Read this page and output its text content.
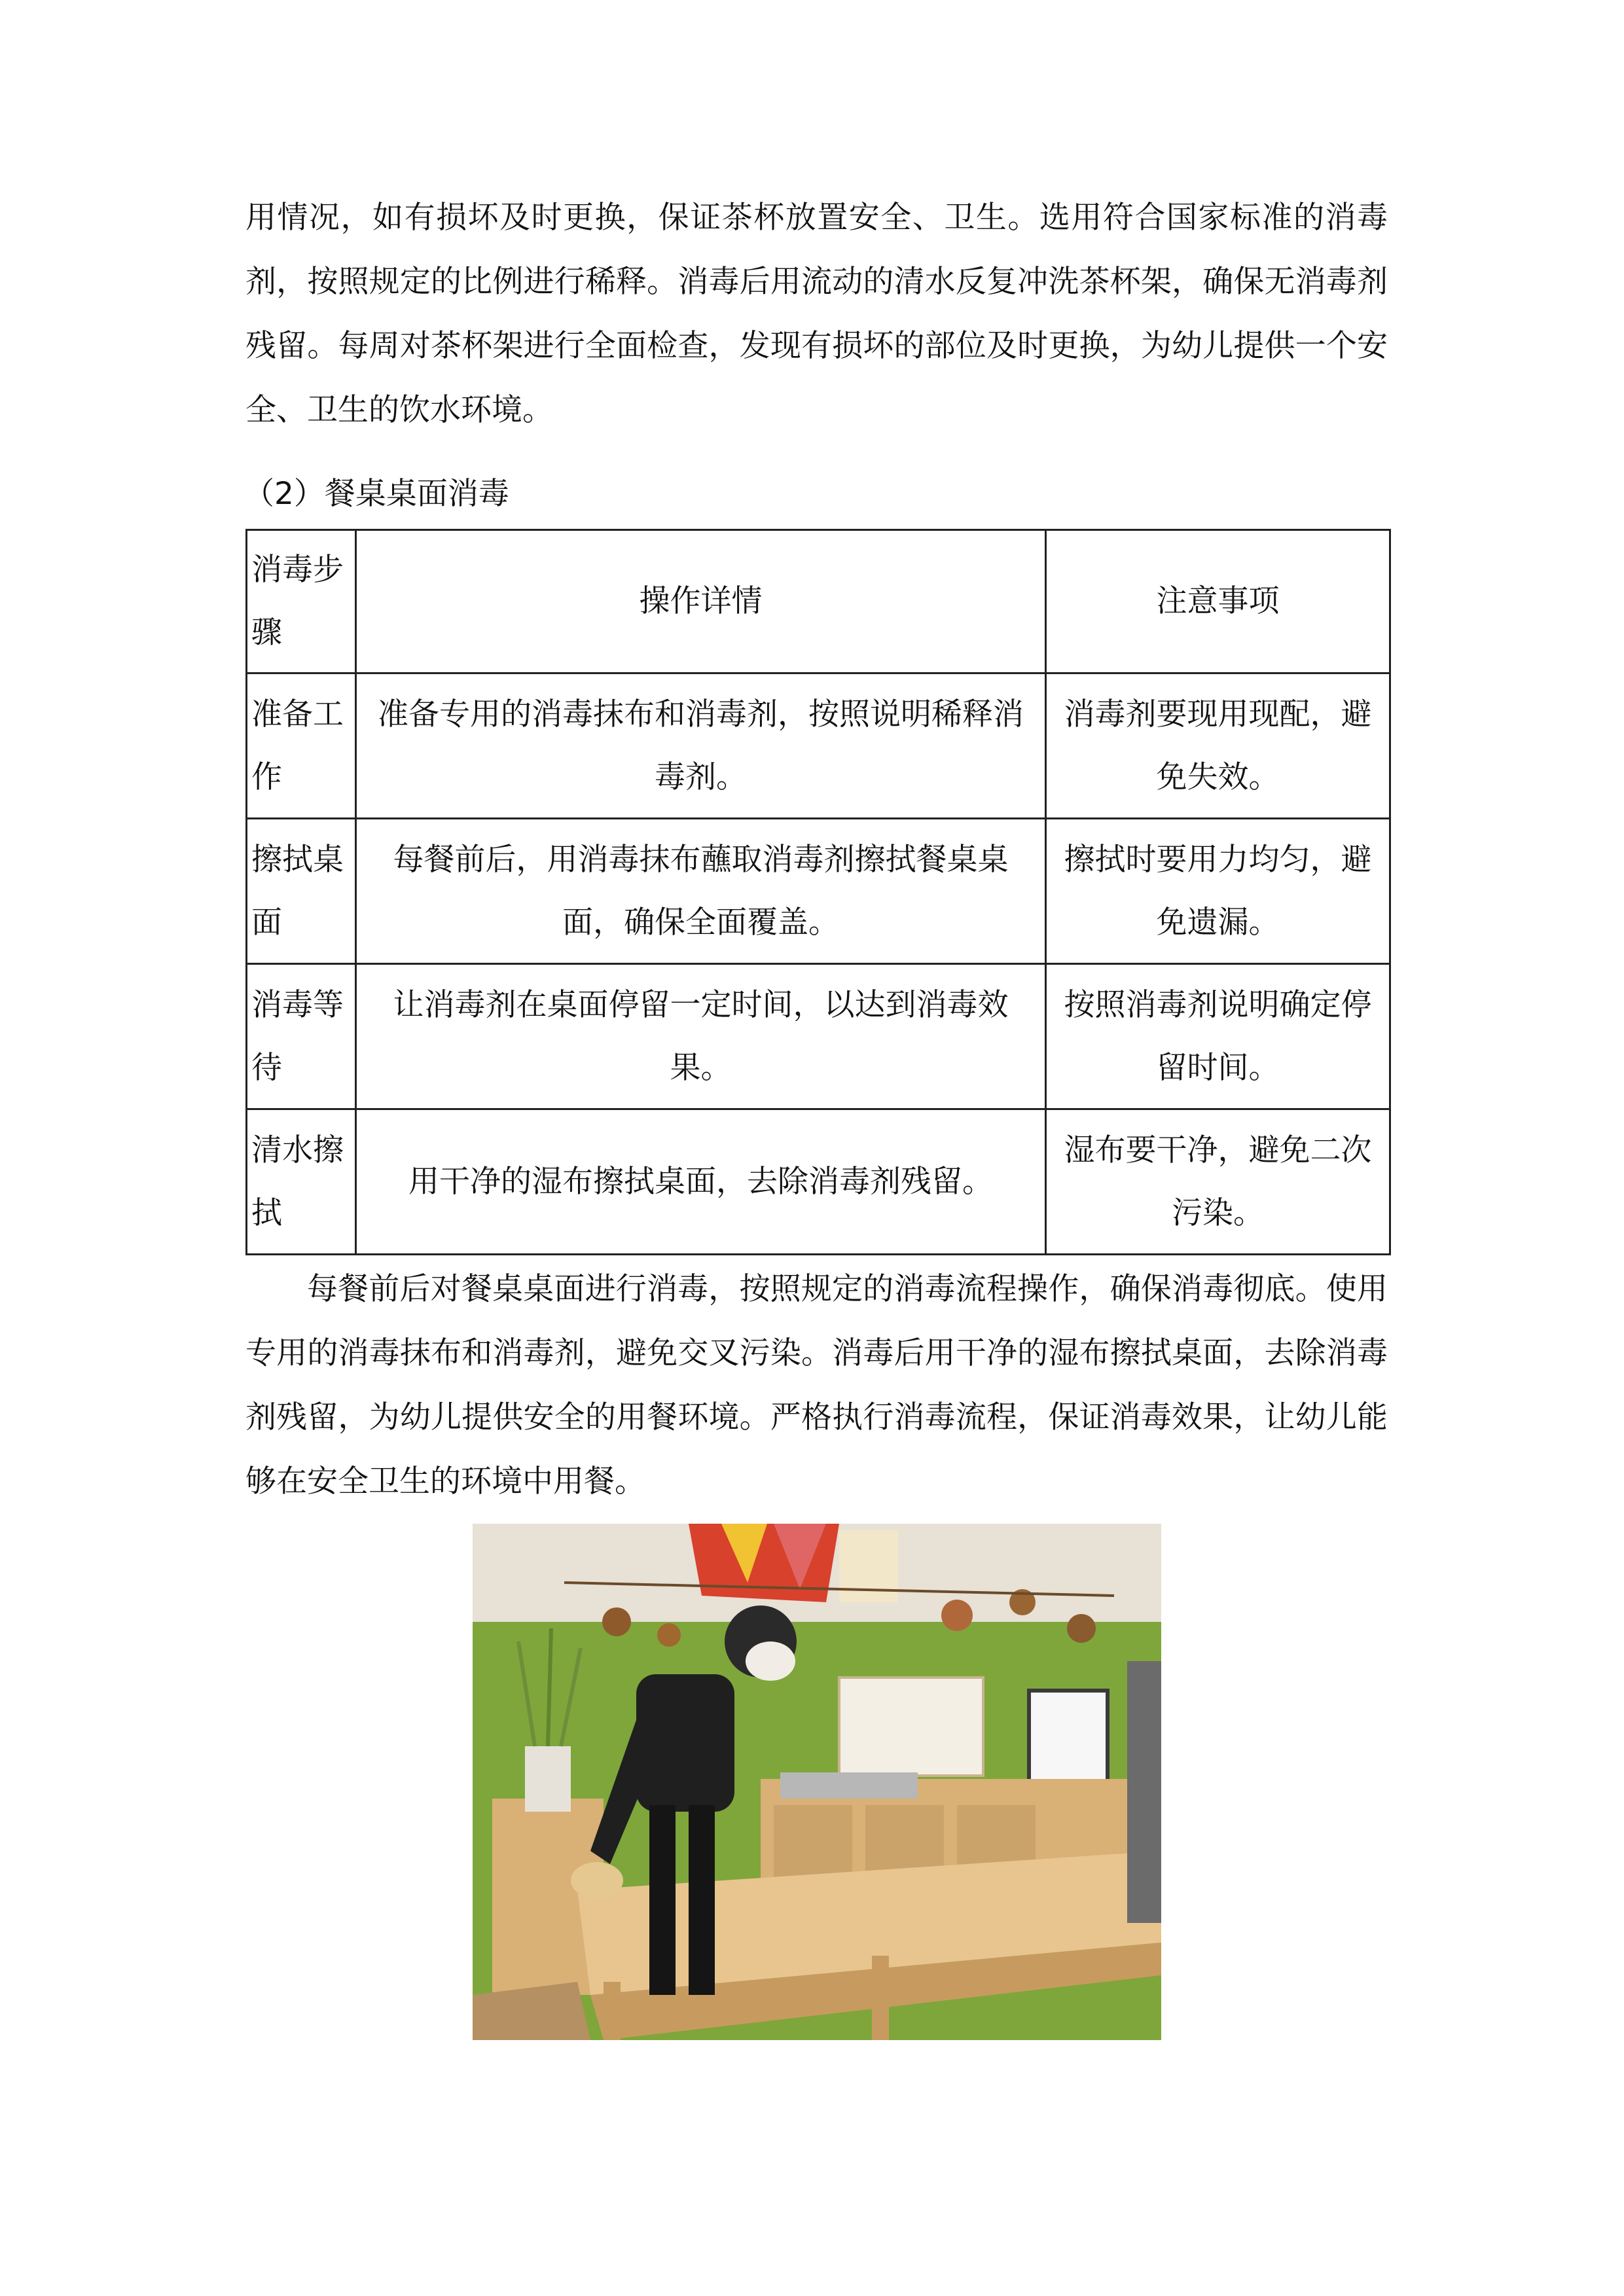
用情况，如有损坏及时更换，保证茶杯放置安全、卫生。选用符合国家标准的消毒剂，按照规定的比例进行稀释。消毒后用流动的清水反复冲洗茶杯架，确保无消毒剂残留。每周对茶杯架进行全面检查，发现有损坏的部位及时更换，为幼儿提供一个安全、卫生的饮水环境。

（2）餐桌桌面消毒

消毒步骤	操作详情	注意事项
准备工作	准备专用的消毒抹布和消毒剂，按照说明稀释消毒剂。	消毒剂要现用现配，避免失效。
擦拭桌面	每餐前后，用消毒抹布蘸取消毒剂擦拭餐桌桌面，确保全面覆盖。	擦拭时要用力均匀，避免遗漏。
消毒等待	让消毒剂在桌面停留一定时间，以达到消毒效果。	按照消毒剂说明确定停留时间。
清水擦拭	用干净的湿布擦拭桌面，去除消毒剂残留。	湿布要干净，避免二次污染。

每餐前后对餐桌桌面进行消毒，按照规定的消毒流程操作，确保消毒彻底。使用专用的消毒抹布和消毒剂，避免交叉污染。消毒后用干净的湿布擦拭桌面，去除消毒剂残留，为幼儿提供安全的用餐环境。严格执行消毒流程，保证消毒效果，让幼儿能够在安全卫生的环境中用餐。
